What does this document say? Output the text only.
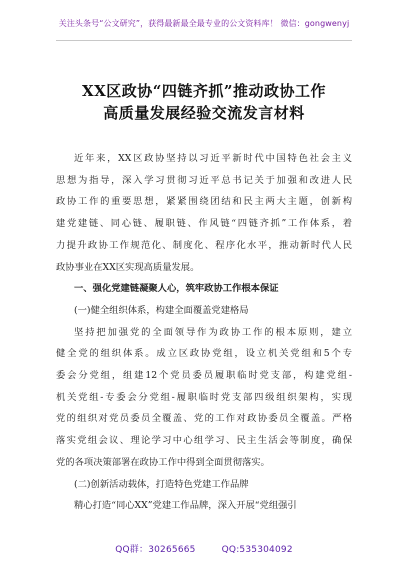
关注头条号“公文研究”，获得最新最全最专业的公文资料库！ 微信：gongwenyj
XX区政协“四链齐抓”推动政协工作
高质量发展经验交流发言材料
近年来，XX区政协坚持以习近平新时代中国特色社会主义
思想为指导，深入学习贯彻习近平总书记关于加强和改进人民
政协工作的重要思想，紧紧围绕团结和民主两大主题，创新构
建党建链、同心链、履职链、作风链“四链齐抓”工作体系，着
力提升政协工作规范化、制度化、程序化水平，推动新时代人民
政协事业在XX区实现高质量发展。
一、强化党建链凝聚人心，筑牢政协工作根本保证
(一)健全组织体系，构建全面覆盖党建格局
坚持把加强党的全面领导作为政协工作的根本原则，建立
健全党的组织体系。成立区政协党组，设立机关党组和5个专
委会分党组，组建12个党员委员履职临时党支部，构建党组-
机关党组-专委会分党组-履职临时党支部四级组织架构，实现
党的组织对党员委员全覆盖、党的工作对政协委员全覆盖。严格
落实党组会议、理论学习中心组学习、民主生活会等制度，确保
党的各项决策部署在政协工作中得到全面贯彻落实。
(二)创新活动载体，打造特色党建工作品牌
精心打造“同心XX”党建工作品牌，深入开展“党组强引
QQ群：30265665	QQ:535304092
